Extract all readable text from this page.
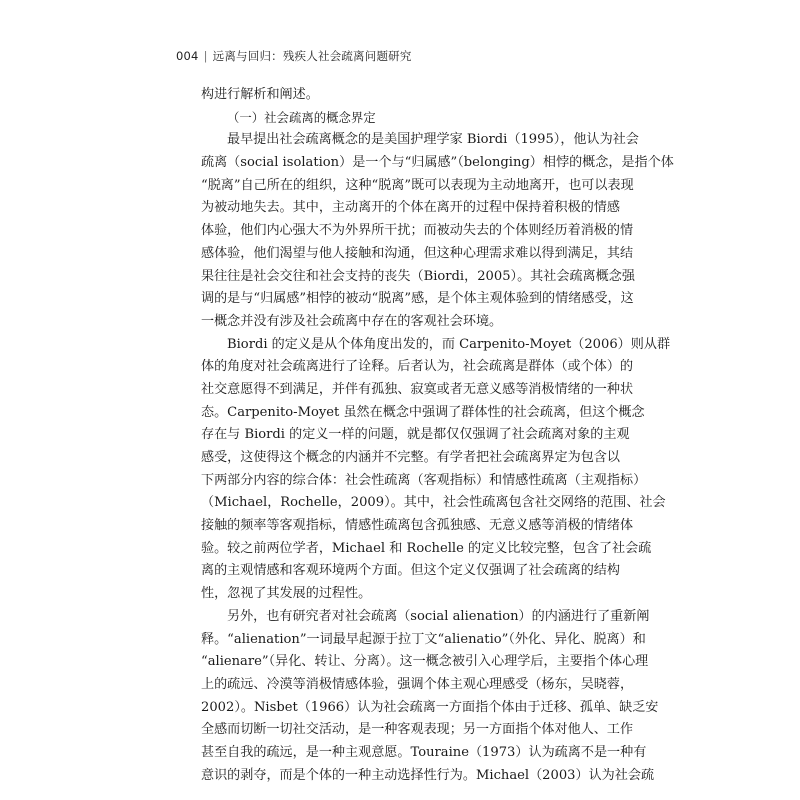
004 | 远离与回归：残疾人社会疏离问题研究
构进行解析和阐述。
（一）社会疏离的概念界定
最早提出社会疏离概念的是美国护理学家 Biordi（1995），他认为社会
疏离（social isolation）是一个与“归属感”（belonging）相悖的概念，是指个体
“脱离”自己所在的组织，这种“脱离”既可以表现为主动地离开，也可以表现
为被动地失去。其中，主动离开的个体在离开的过程中保持着积极的情感
体验，他们内心强大不为外界所干扰；而被动失去的个体则经历着消极的情
感体验，他们渴望与他人接触和沟通，但这种心理需求难以得到满足，其结
果往往是社会交往和社会支持的丧失（Biordi，2005）。其社会疏离概念强
调的是与“归属感”相悖的被动“脱离”感，是个体主观体验到的情绪感受，这
一概念并没有涉及社会疏离中存在的客观社会环境。
Biordi 的定义是从个体角度出发的，而 Carpenito-Moyet（2006）则从群
体的角度对社会疏离进行了诠释。后者认为，社会疏离是群体（或个体）的
社交意愿得不到满足，并伴有孤独、寂寞或者无意义感等消极情绪的一种状
态。Carpenito-Moyet 虽然在概念中强调了群体性的社会疏离，但这个概念
存在与 Biordi 的定义一样的问题，就是都仅仅强调了社会疏离对象的主观
感受，这使得这个概念的内涵并不完整。有学者把社会疏离界定为包含以
下两部分内容的综合体：社会性疏离（客观指标）和情感性疏离（主观指标）
（Michael，Rochelle，2009）。其中，社会性疏离包含社交网络的范围、社会
接触的频率等客观指标，情感性疏离包含孤独感、无意义感等消极的情绪体
验。较之前两位学者，Michael 和 Rochelle 的定义比较完整，包含了社会疏
离的主观情感和客观环境两个方面。但这个定义仅强调了社会疏离的结构
性，忽视了其发展的过程性。
另外，也有研究者对社会疏离（social alienation）的内涵进行了重新阐
释。“alienation”一词最早起源于拉丁文“alienatio”（外化、异化、脱离）和
“alienare”（异化、转让、分离）。这一概念被引入心理学后，主要指个体心理
上的疏远、冷漠等消极情感体验，强调个体主观心理感受（杨东，吴晓蓉，
2002）。Nisbet（1966）认为社会疏离一方面指个体由于迁移、孤单、缺乏安
全感而切断一切社交活动，是一种客观表现；另一方面指个体对他人、工作
甚至自我的疏远，是一种主观意愿。Touraine（1973）认为疏离不是一种有
意识的剥夺，而是个体的一种主动选择性行为。Michael（2003）认为社会疏
